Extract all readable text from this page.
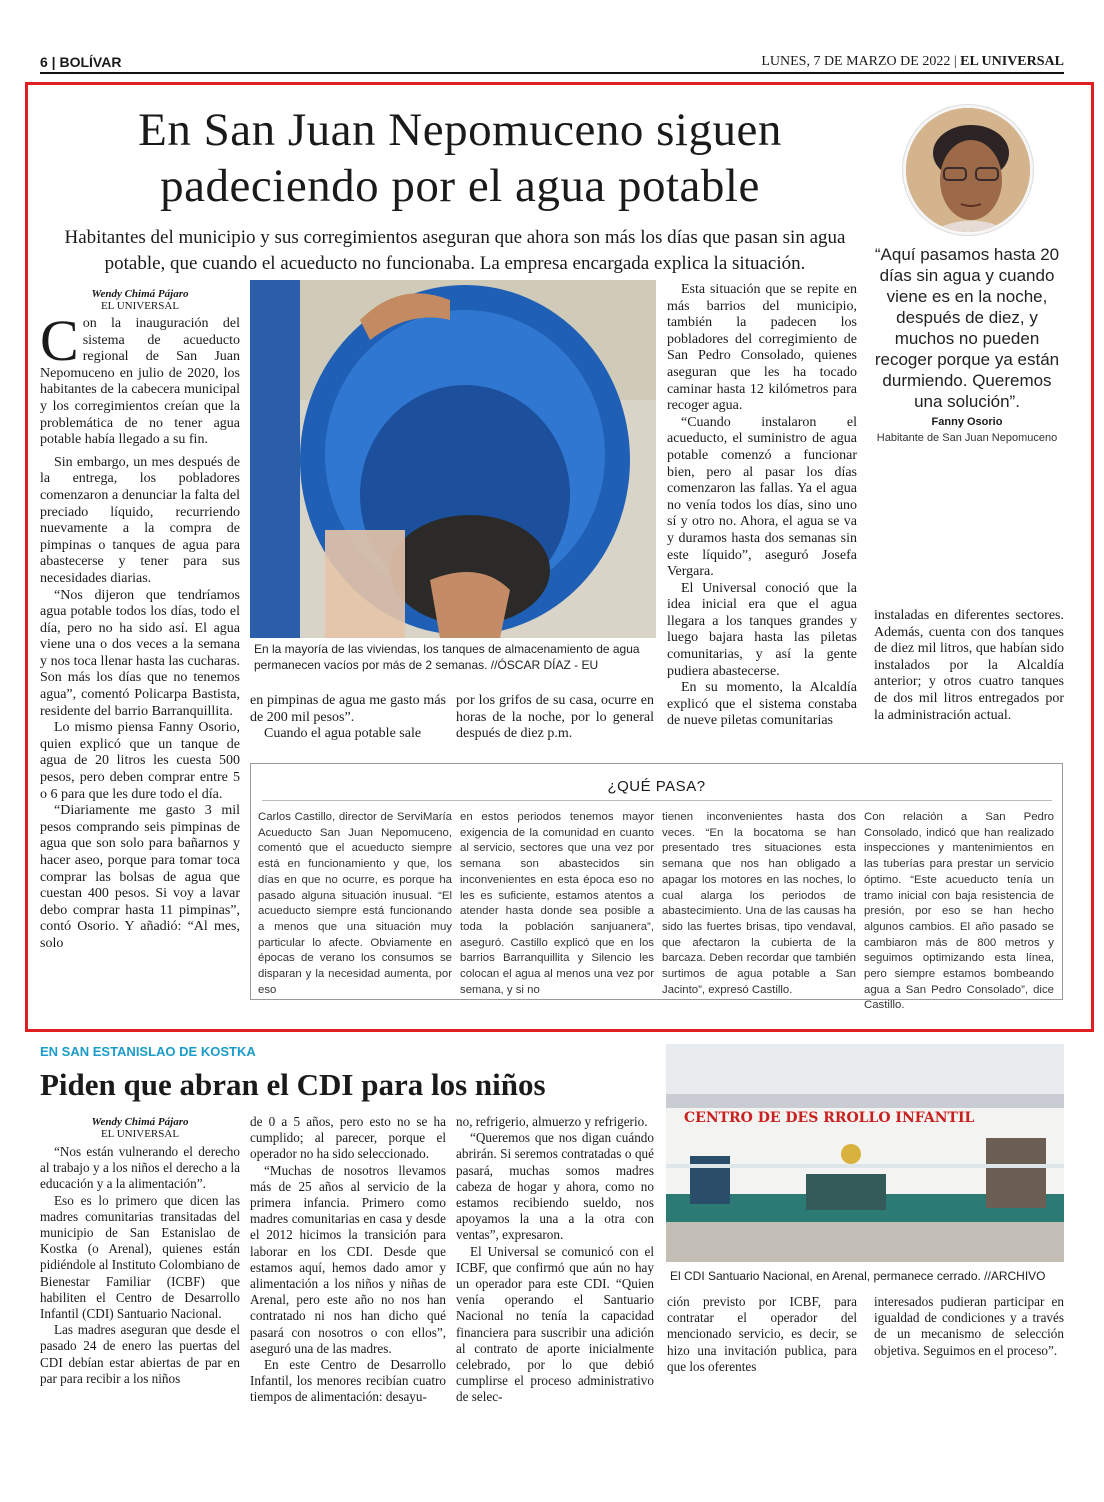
6 | BOLÍVAR	LUNES, 7 DE MARZO DE 2022 | EL UNIVERSAL
En San Juan Nepomuceno siguen padeciendo por el agua potable
Habitantes del municipio y sus corregimientos aseguran que ahora son más los días que pasan sin agua potable, que cuando el acueducto no funcionaba. La empresa encargada explica la situación.	“Aquí pasamos hasta 20 días sin agua y cuando viene es en la noche, después de diez, y muchos no pueden recoger porque ya están durmiendo. Queremos una solución”.
Fanny Osorio
Habitante de San Juan Nepomuceno
Wendy Chimá Pájaro
EL UNIVERSAL

Con la inauguración del sistema de acueducto regional de San Juan Nepomuceno en julio de 2020, los habitantes de la cabecera municipal y los corregimientos creían que la problemática de no tener agua potable había llegado a su fin.

Sin embargo, un mes después de la entrega, los pobladores comenzaron a denunciar la falta del preciado líquido, recurriendo nuevamente a la compra de pimpinas o tanques de agua para abastecerse y tener para sus necesidades diarias.

“Nos dijeron que tendríamos agua potable todos los días, todo el día, pero no ha sido así. El agua viene una o dos veces a la semana y nos toca llenar hasta las cucharas. Son más los días que no tenemos agua”, comentó Policarpa Bastista, residente del barrio Barranquillita.

Lo mismo piensa Fanny Osorio, quien explicó que un tanque de agua de 20 litros les cuesta 500 pesos, pero deben comprar entre 5 o 6 para que les dure todo el día.

“Diariamente me gasto 3 mil pesos comprando seis pimpinas de agua que son solo para bañarnos y hacer aseo, porque para tomar toca comprar las bolsas de agua que cuestan 400 pesos. Si voy a lavar debo comprar hasta 11 pimpinas”, contó Osorio. Y añadió: “Al mes, solo

En la mayoría de las viviendas, los tanques de almacenamiento de agua permanecen vacíos por más de 2 semanas. //ÓSCAR DÍAZ - EU

en pimpinas de agua me gasto más de 200 mil pesos”.

Cuando el agua potable sale

por los grifos de su casa, ocurre en horas de la noche, por lo general después de diez p.m.

Esta situación que se repite en más barrios del municipio, también la padecen los pobladores del corregimiento de San Pedro Consolado, quienes aseguran que les ha tocado caminar hasta 12 kilómetros para recoger agua.

“Cuando instalaron el acueducto, el suministro de agua potable comenzó a funcionar bien, pero al pasar los días comenzaron las fallas. Ya el agua no venía todos los días, sino uno sí y otro no. Ahora, el agua se va y duramos hasta dos semanas sin este líquido”, aseguró Josefa Vergara.

El Universal conoció que la idea inicial era que el agua llegara a los tanques grandes y luego bajara hasta las piletas comunitarias, y así la gente pudiera abastecerse.

En su momento, la Alcaldía explicó que el sistema constaba de nueve piletas comunitarias

instaladas en diferentes sectores. Además, cuenta con dos tanques de diez mil litros, que habían sido instalados por la Alcaldía anterior; y otros cuatro tanques de dos mil litros entregados por la administración actual.

¿QUÉ PASA?
Carlos Castillo, director de ServiMaría Acueducto San Juan Nepomuceno, comentó que el acueducto siempre está en funcionamiento y que, los días en que no ocurre, es porque ha pasado alguna situación inusual. “El acueducto siempre está funcionando a menos que una situación muy particular lo afecte. Obviamente en épocas de verano los consumos se disparan y la necesidad aumenta, por eso
en estos periodos tenemos mayor exigencia de la comunidad en cuanto al servicio, sectores que una vez por semana son abastecidos sin inconvenientes en esta época eso no les es suficiente, estamos atentos a atender hasta donde sea posible a toda la población sanjuanera”, aseguró. Castillo explicó que en los barrios Barranquillita y Silencio les colocan el agua al menos una vez por semana, y si no
tienen inconvenientes hasta dos veces. “En la bocatoma se han presentado tres situaciones esta semana que nos han obligado a apagar los motores en las noches, lo cual alarga los periodos de abastecimiento. Una de las causas ha sido las fuertes brisas, tipo vendaval, que afectaron la cubierta de la barcaza. Deben recordar que también surtimos de agua potable a San Jacinto”, expresó Castillo.
Con relación a San Pedro Consolado, indicó que han realizado inspecciones y mantenimientos en las tuberías para prestar un servicio óptimo. “Este acueducto tenía un tramo inicial con baja resistencia de presión, por eso se han hecho algunos cambios. El año pasado se cambiaron más de 800 metros y seguimos optimizando esta línea, pero siempre estamos bombeando agua a San Pedro Consolado”, dice Castillo.
EN SAN ESTANISLAO DE KOSTKA
Piden que abran el CDI para los niños
Wendy Chimá Pájaro
EL UNIVERSAL

“Nos están vulnerando el derecho al trabajo y a los niños el derecho a la educación y a la alimentación”.

Eso es lo primero que dicen las madres comunitarias transitadas del municipio de San Estanislao de Kostka (o Arenal), quienes están pidiéndole al Instituto Colombiano de Bienestar Familiar (ICBF) que habiliten el Centro de Desarrollo Infantil (CDI) Santuario Nacional.

Las madres aseguran que desde el pasado 24 de enero las puertas del CDI debían estar abiertas de par en par para recibir a los niños

de 0 a 5 años, pero esto no se ha cumplido; al parecer, porque el operador no ha sido seleccionado.

“Muchas de nosotros llevamos más de 25 años al servicio de la primera infancia. Primero como madres comunitarias en casa y desde el 2012 hicimos la transición para laborar en los CDI. Desde que estamos aquí, hemos dado amor y alimentación a los niños y niñas de Arenal, pero este año no nos han contratado ni nos han dicho qué pasará con nosotros o con ellos”, aseguró una de las madres.

En este Centro de Desarrollo Infantil, los menores recibían cuatro tiempos de alimentación: desayu-

no, refrigerio, almuerzo y refrigerio.

“Queremos que nos digan cuándo abrirán. Si seremos contratadas o qué pasará, muchas somos madres cabeza de hogar y ahora, como no estamos recibiendo sueldo, nos apoyamos la una a la otra con ventas”, expresaron.

El Universal se comunicó con el ICBF, que confirmó que aún no hay un operador para este CDI. “Quien venía operando el Santuario Nacional no tenía la capacidad financiera para suscribir una adición al contrato de aporte inicialmente celebrado, por lo que debió cumplirse el proceso administrativo de selec-

CENTRO DE DES RROLLO INFANTIL
El CDI Santuario Nacional, en Arenal, permanece cerrado. //ARCHIVO

ción previsto por ICBF, para contratar el operador del mencionado servicio, es decir, se hizo una invitación publica, para que los oferentes

interesados pudieran participar en igualdad de condiciones y a través de un mecanismo de selección objetiva. Seguimos en el proceso”.
